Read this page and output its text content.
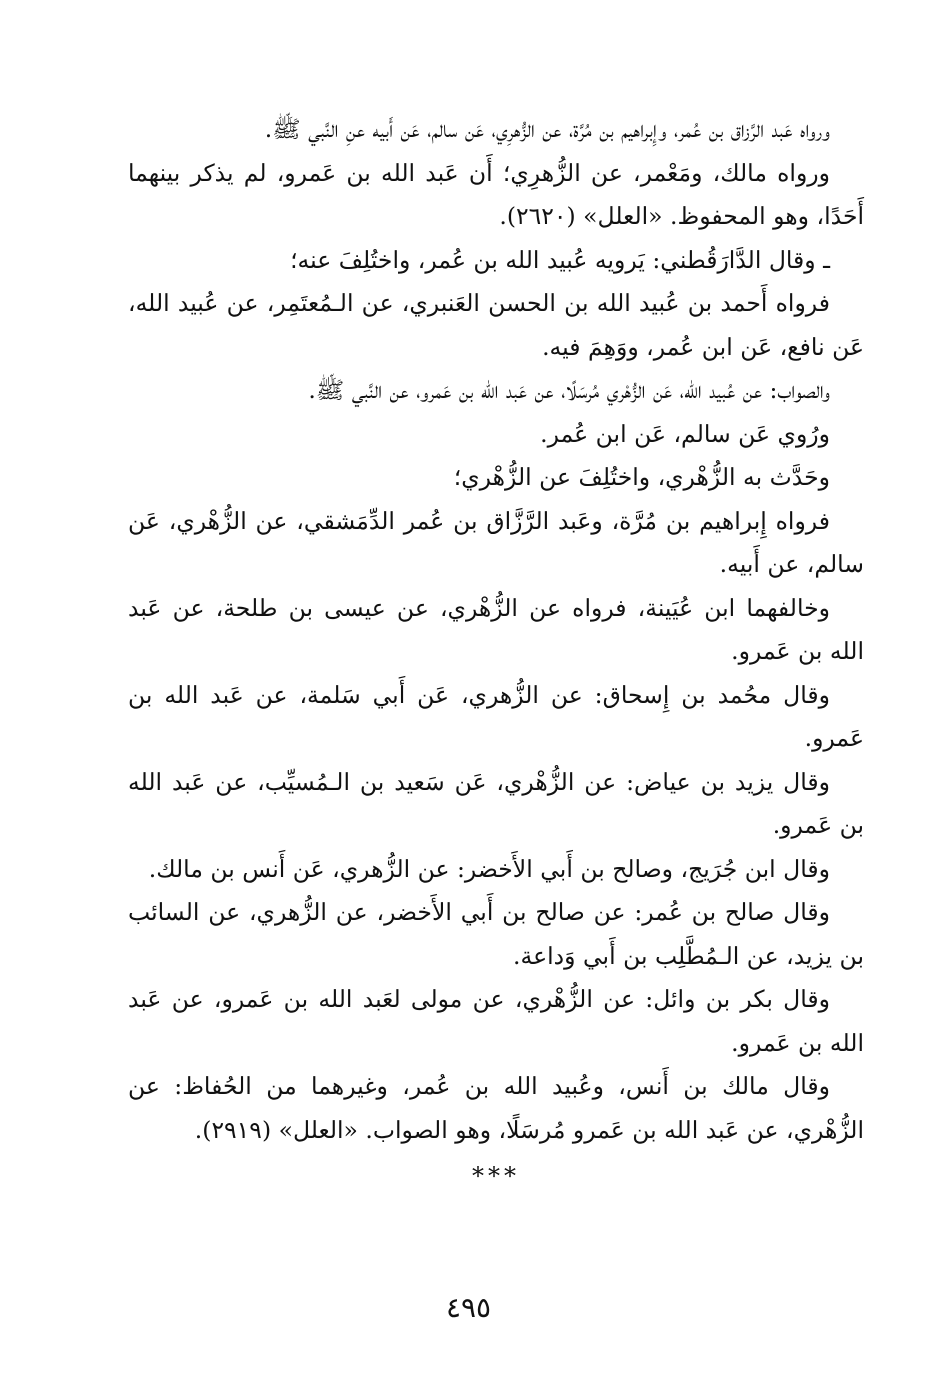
ورواه عَبد الرَّزاق بن عُمر، وإِبراهيم بن مُرَّة، عن الزُّهرِي، عَن سالم، عَن أَبيه عنِ النَّبي ﷺ.

ورواه مالك، ومَعْمر، عن الزُّهرِي؛ أَن عَبد الله بن عَمرو، لم يذكر بينهما أَحَدًا، وهو المحفوظ. «العلل» (٢٦٢٠).

ـ وقال الدَّارَقُطني: يَرويه عُبيد الله بن عُمر، واختُلِفَ عنه؛

فرواه أَحمد بن عُبيد الله بن الحسن العَنبري، عن الـمُعتَمِر، عن عُبيد الله، عَن نافع، عَن ابن عُمر، ووَهِمَ فيه.

والصواب: عن عُبيد الله، عَن الزُّهْري مُرسَلًا، عن عَبد الله بن عَمرو، عن النَّبي ﷺ.

ورُوي عَن سالم، عَن ابن عُمر.

وحَدَّث به الزُّهْري، واختُلِفَ عن الزُّهْري؛

فرواه إِبراهيم بن مُرَّة، وعَبد الرَّزَّاق بن عُمر الدِّمَشقي، عن الزُّهْري، عَن سالم، عن أَبيه.

وخالفهما ابن عُيَينة، فرواه عن الزُّهْري، عن عيسى بن طلحة، عن عَبد الله بن عَمرو.

وقال محُمد بن إِسحاق: عن الزُّهري، عَن أَبي سَلمة، عن عَبد الله بن عَمرو.

وقال يزيد بن عياض: عن الزُّهْري، عَن سَعيد بن الـمُسيِّب، عن عَبد الله بن عَمرو.

وقال ابن جُرَيج، وصالح بن أَبي الأَخضر: عن الزُّهري، عَن أَنس بن مالك.

وقال صالح بن عُمر: عن صالح بن أَبي الأَخضر، عن الزُّهري، عن السائب بن يزيد، عن الـمُطَّلِب بن أَبي وَداعة.

وقال بكر بن وائل: عن الزُّهْري، عن مولى لعَبد الله بن عَمرو، عن عَبد الله بن عَمرو.

وقال مالك بن أَنس، وعُبيد الله بن عُمر، وغيرهما من الحُفاظ: عن الزُّهْري، عن عَبد الله بن عَمرو مُرسَلًا، وهو الصواب. «العلل» (٢٩١٩).

***
٤٩٥
